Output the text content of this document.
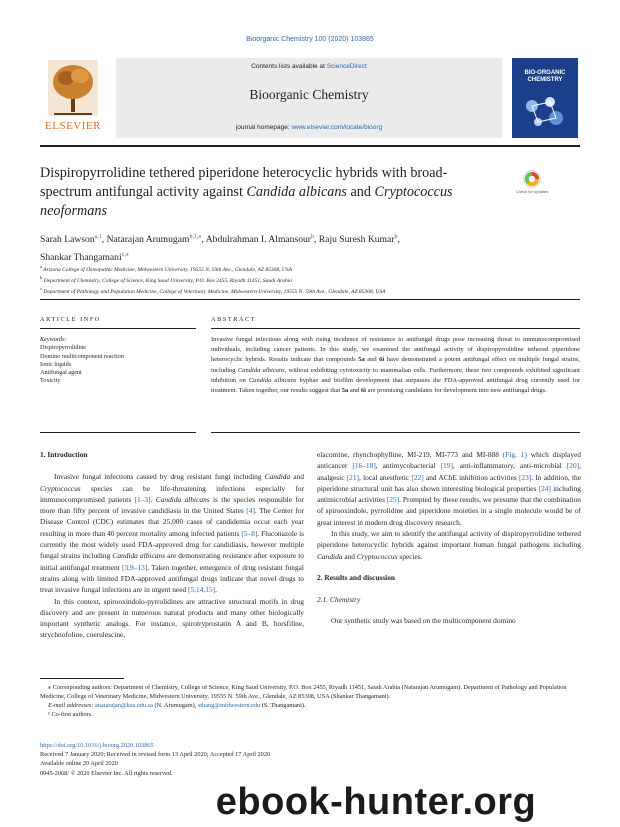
Bioorganic Chemistry 100 (2020) 103865
ELSEVIER
Contents lists available at ScienceDirect
Bioorganic Chemistry
journal homepage: www.elsevier.com/locate/bioorg
BIO-ORGANIC CHEMISTRY
Dispiropyrrolidine tethered piperidone heterocyclic hybrids with broad-spectrum antifungal activity against Candida albicans and Cryptococcus neoformans
Check for updates
Sarah Lawson$^{a,1}$, Natarajan Arumugam$^{b,1,⁎}$, Abdulrahman I. Almansour$^b$, Raju Suresh Kumar$^b$,
Shankar Thangamani$^{c,⁎}$
$^a$ Arizona College of Osteopathic Medicine, Midwestern University, 19555 N. 59th Ave., Glendale, AZ 85308, USA
$^b$ Department of Chemistry, College of Science, King Saud University, P.O. Box 2455, Riyadh 11451, Saudi Arabia
$^c$ Department of Pathology and Population Medicine, College of Veterinary Medicine, Midwestern University, 19555 N. 59th Ave., Glendale, AZ 85308, USA
ARTICLE INFO	ABSTRACT
Keywords:
Dispiropyrrolidine
Domino multicomponent reaction
Ionic liquids
Antifungal agent
Toxicity
Invasive fungal infections along with rising incidence of resistance to antifungal drugs pose increasing threat to immunocompromised individuals, including cancer patients. In this study, we examined the antifungal activity of dispiropyrrolidine tethered piperidone heterocyclic hybrids. Results indicate that compounds 5a and 6i have demonstrated a potent antifungal effect on multiple fungal strains, including Candida albicans, without exhibiting cytotoxicity to mammalian cells. Furthermore, these two compounds exhibited significant inhibition on Candida albicans hyphae and biofilm development that surpasses the FDA-approved antifungal drug currently used for treatment. Taken together, our results suggest that 5a and 6i are promising candidates for development into new antifungal drugs.

1. Introduction

Invasive fungal infections caused by drug resistant fungi including Candida and Cryptococcus species can be life-threatening infections especially for immunocompromised patients [1–3]. Candida albicans is the species responsible for more than fifty percent of invasive candidiasis in the United States [4]. The Center for Disease Control (CDC) estimates that 25,000 cases of candidemia occur each year resulting in more than 40 percent mortality among infected patients [5–8]. Fluconazole is currently the most widely used FDA-approved drug for candidiasis, however multiple fungal strains including Candida albicans are demonstrating resistance after exposure to initial antifungal treatment [3,9–13]. Taken together, emergence of drug resistant fungal strains along with limited FDA-approved antifungal drugs indicate that novel drugs to treat invasive fungal infections are in urgent need [5,14,15].

In this context, spirooxindolo-pyrrolidines are attractive structural motifs in drug discovery and are present in numerous natural products and many other biologically important synthetic analogs. For instance, spirotryprostatin A and B, horsfiline, strychnofoline, coerulescine,

elacomine, rhynchophylline, MI-219, MI-773 and MI-888 (Fig. 1) which displayed anticancer [16–18], antimycobacterial [19], anti-inflammatory, anti-microbial [20], analgesic [21], local anesthetic [22] and AChE inhibition activities [23]. In addition, the piperidone structural unit has also shown interesting biological properties [24] including antimicrobial activities [25]. Prompted by these results, we presume that the combination of spirooxindole, pyrrolidine and piperidone moieties in a single molecule would be of great interest in modern drug discovery research.

In this study, we aim to identify the antifungal activity of dispiropyrrolidine tethered piperidone heterocyclic hybrids against important human fungal pathogens including Candida and Cryptococcus species.

2. Results and discussion

2.1. Chemistry

Our synthetic study was based on the multicomponent domino

⁎ Corresponding authors: Department of Chemistry, College of Science, King Saud University, P.O. Box 2455, Riyadh 11451, Saudi Arabia (Natarajan Arumugam). Department of Pathology and Population Medicine, College of Veterinary Medicine, Midwestern University, 19555 N. 59th Ave., Glendale, AZ 85308, USA (Shankar Thangamani).

E-mail addresses: anatarajan@ksu.edu.sa (N. Arumugam), sthang@midwestern.edu (S. Thangamani).

¹ Co-first authors.

https://doi.org/10.1016/j.bioorg.2020.103865

Received 7 January 2020; Received in revised form 13 April 2020; Accepted 17 April 2020

Available online 20 April 2020

0045-2068/ © 2020 Elsevier Inc. All rights reserved.

ebook-hunter.org
